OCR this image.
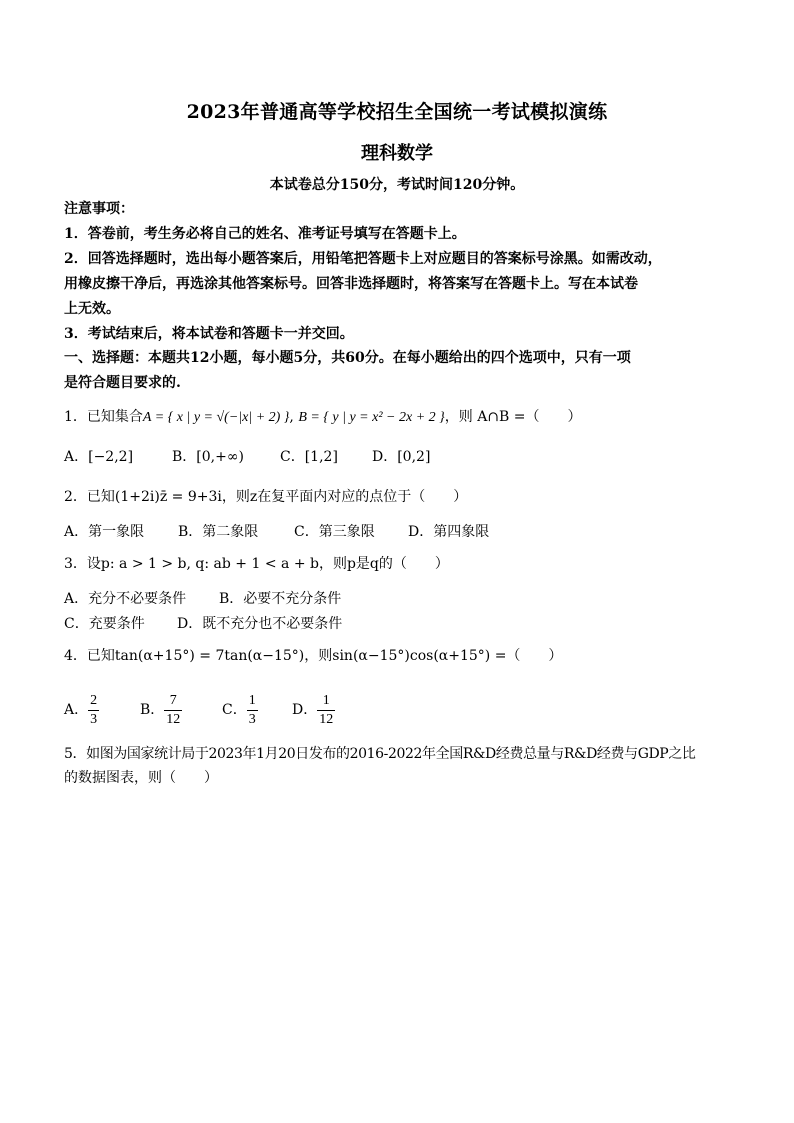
2023年普通高等学校招生全国统一考试模拟演练
理科数学
本试卷总分150分，考试时间120分钟。
注意事项：
1．答卷前，考生务必将自己的姓名、准考证号填写在答题卡上。
2．回答选择题时，选出每小题答案后，用铅笔把答题卡上对应题目的答案标号涂黑。如需改动，
用橡皮擦干净后，再选涂其他答案标号。回答非选择题时，将答案写在答题卡上。写在本试卷
上无效。
3．考试结束后，将本试卷和答题卡一并交回。
一、选择题：本题共12小题，每小题5分，共60分。在每小题给出的四个选项中，只有一项
是符合题目要求的.
1．已知集合A = { x | y = √(−|x| + 2) }, B = { y | y = x² − 2x + 2 }，则 A∩B =（　　）
A．[−2,2]	B．[0,+∞)	C．[1,2] D．[0,2]
2．已知(1+2i)z̄ = 9+3i，则z在复平面内对应的点位于（　　）
A．第一象限 B．第二象限	C．第三象限 D．第四象限
3．设p: a > 1 > b, q: ab + 1 < a + b，则p是q的（　　）
A．充分不必要条件 B．必要不充分条件
C．充要条件 D．既不充分也不必要条件
4．已知tan(α+15°) = 7tan(α−15°)，则sin(α−15°)cos(α+15°) =（　　）
A． $\frac{2}{3}$	B． $\frac{7}{12}$	C． $\frac{1}{3}$ D． $\frac{1}{12}$
5．如图为国家统计局于2023年1月20日发布的2016-2022年全国R&D经费总量与R&D经费与GDP之比
的数据图表，则（　　）
